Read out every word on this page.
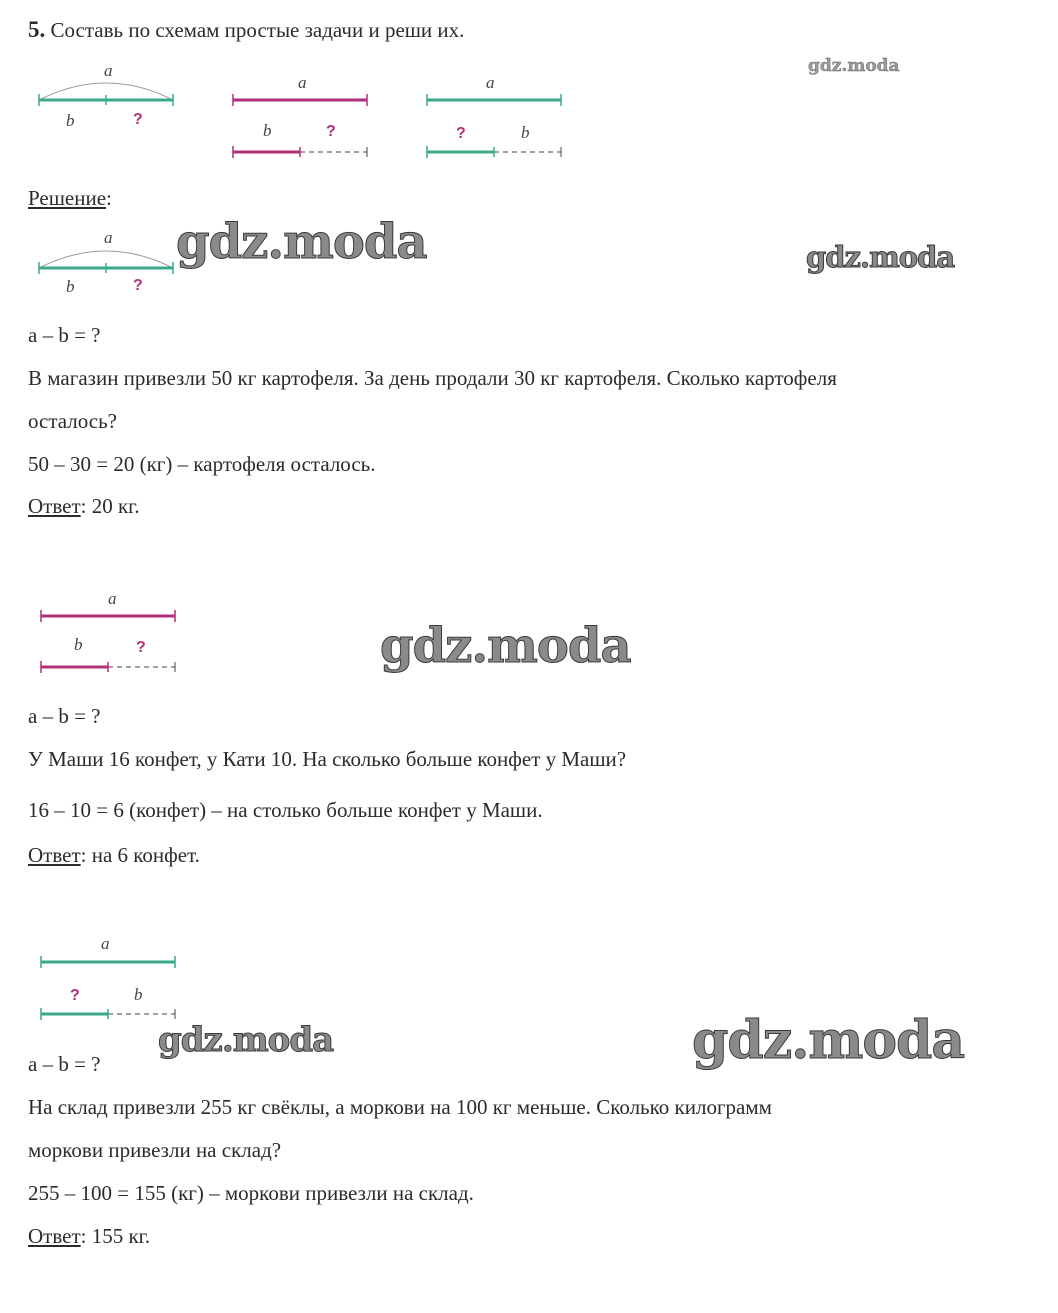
5. Составь по схемам простые задачи и реши их.
a
b	?
a
b	?
a
?	b
gdz.moda
Решение:
a
b	?
gdz.moda	gdz.moda
a – b = ?
В магазин привезли 50 кг картофеля. За день продали 30 кг картофеля. Сколько картофеля
осталось?
50 – 30 = 20 (кг) – картофеля осталось.
Ответ: 20 кг.
a
b	?	gdz.moda
a – b = ?
У Маши 16 конфет, у Кати 10. На сколько больше конфет у Маши?
16 – 10 = 6 (конфет) – на столько больше конфет у Маши.
Ответ: на 6 конфет.
a
?	b
gdz.moda	gdz.moda
a – b = ?
На склад привезли 255 кг свёклы, а моркови на 100 кг меньше. Сколько килограмм
моркови привезли на склад?
255 – 100 = 155 (кг) – моркови привезли на склад.
Ответ: 155 кг.
